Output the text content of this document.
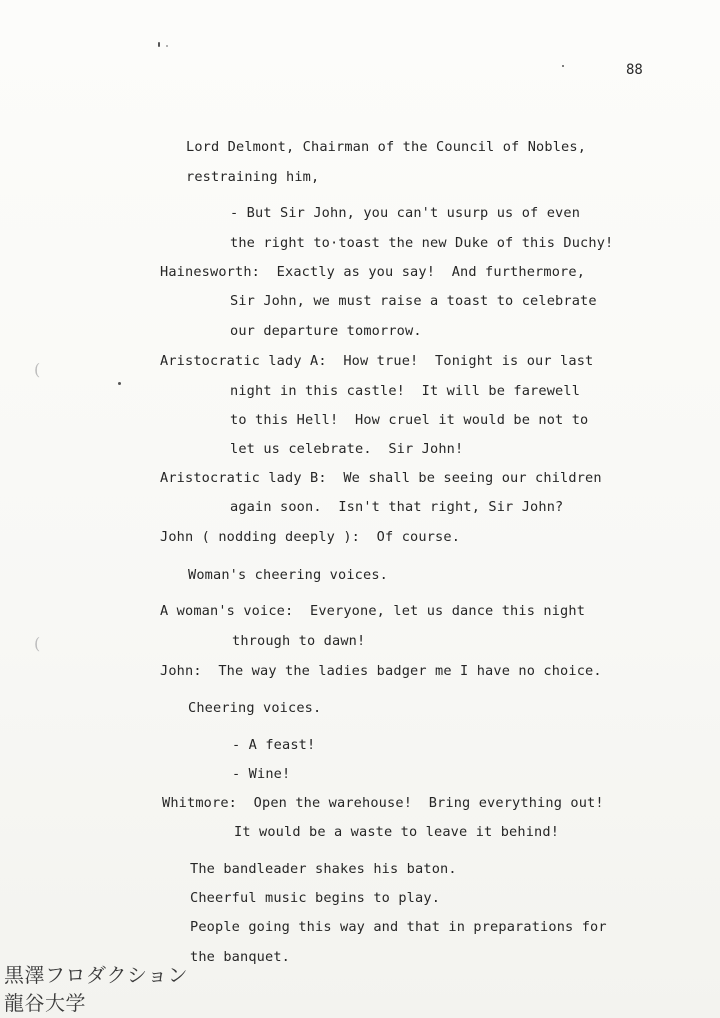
(
(
88
Lord Delmont, Chairman of the Council of Nobles,
restraining him,
- But Sir John, you can't usurp us of even
the right to·toast the new Duke of this Duchy!
Hainesworth:  Exactly as you say!  And furthermore,
Sir John, we must raise a toast to celebrate
our departure tomorrow.
Aristocratic lady A:  How true!  Tonight is our last
night in this castle!  It will be farewell
to this Hell!  How cruel it would be not to
let us celebrate.  Sir John!
Aristocratic lady B:  We shall be seeing our children
again soon.  Isn't that right, Sir John?
John ( nodding deeply ):  Of course.
Woman's cheering voices.
A woman's voice:  Everyone, let us dance this night
through to dawn!
John:  The way the ladies badger me I have no choice.
Cheering voices.
- A feast!
- Wine!
Whitmore:  Open the warehouse!  Bring everything out!
It would be a waste to leave it behind!
The bandleader shakes his baton.
Cheerful music begins to play.
People going this way and that in preparations for
the banquet.
黒澤フロダクション
龍谷大学
